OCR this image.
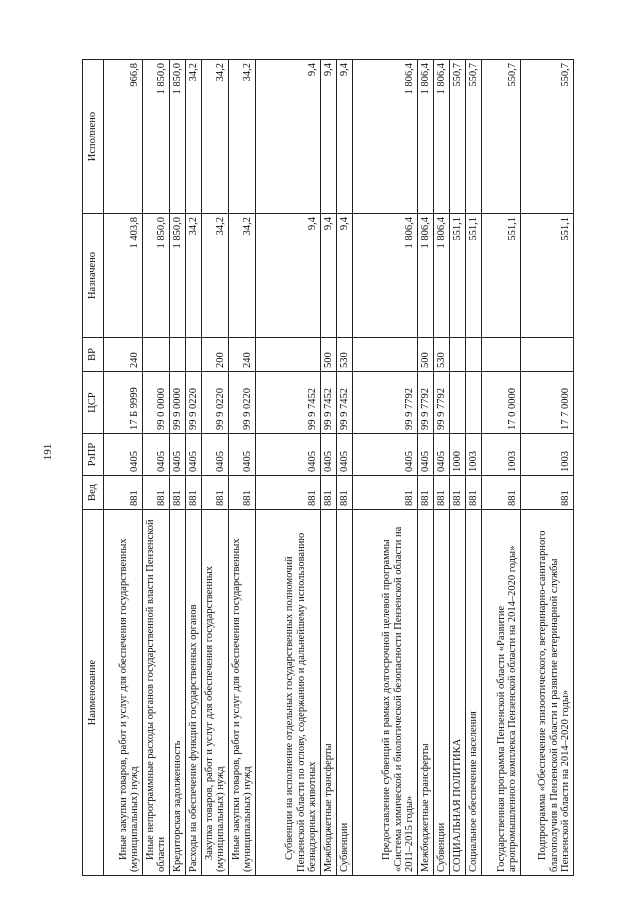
191
Наименование	Вед	РзПР	ЦСР	ВР	Назначено	Исполнено

Иные закупки товаров, работ и услуг для обеспечения государственных (муниципальных) нужд	881	0405	17 Б 9999	240	1 403,8	966,8

Иные непрограммные расходы органов государственной власти Пензенской области	881	0405	99 0 0000		1 850,0	1 850,0

Кредиторская задолженность	881	0405	99 9 0000		1 850,0	1 850,0

Расходы на обеспечение функций государственных органов	881	0405	99 9 0220		34,2	34,2

Закупка товаров, работ и услуг для обеспечения государственных (муниципальных) нужд	881	0405	99 9 0220	200	34,2	34,2

Иные закупки товаров, работ и услуг для обеспечения государственных (муниципальных) нужд	881	0405	99 9 0220	240	34,2	34,2

Субвенции на исполнение отдельных государственных полномочий Пензенской области по отлову, содержанию и дальнейшему использованию безнадзорных животных	881	0405	99 9 7452		9,4	9,4

Межбюджетные трансферты	881	0405	99 9 7452	500	9,4	9,4

Субвенции	881	0405	99 9 7452	530	9,4	9,4

Предоставление субвенций в рамках долгосрочной целевой программы «Система химической и биологической безопасности Пензенской области на 2011–2015 годы»	881	0405	99 9 7792		1 806,4	1 806,4

Межбюджетные трансферты	881	0405	99 9 7792	500	1 806,4	1 806,4

Субвенции	881	0405	99 9 7792	530	1 806,4	1 806,4

СОЦИАЛЬНАЯ ПОЛИТИКА	881	1000			551,1	550,7

Социальное обеспечение населения	881	1003			551,1	550,7

Государственная программа Пензенской области «Развитие агропромышленного комплекса Пензенской области на 2014–2020 годы»	881	1003	17 0 0000		551,1	550,7

Подпрограмма «Обеспечение эпизоотического, ветеринарно-санитарного благополучия в Пензенской области и развитие ветеринарной службы Пензенской области на 2014–2020 годы»	881	1003	17 7 0000		551,1	550,7
